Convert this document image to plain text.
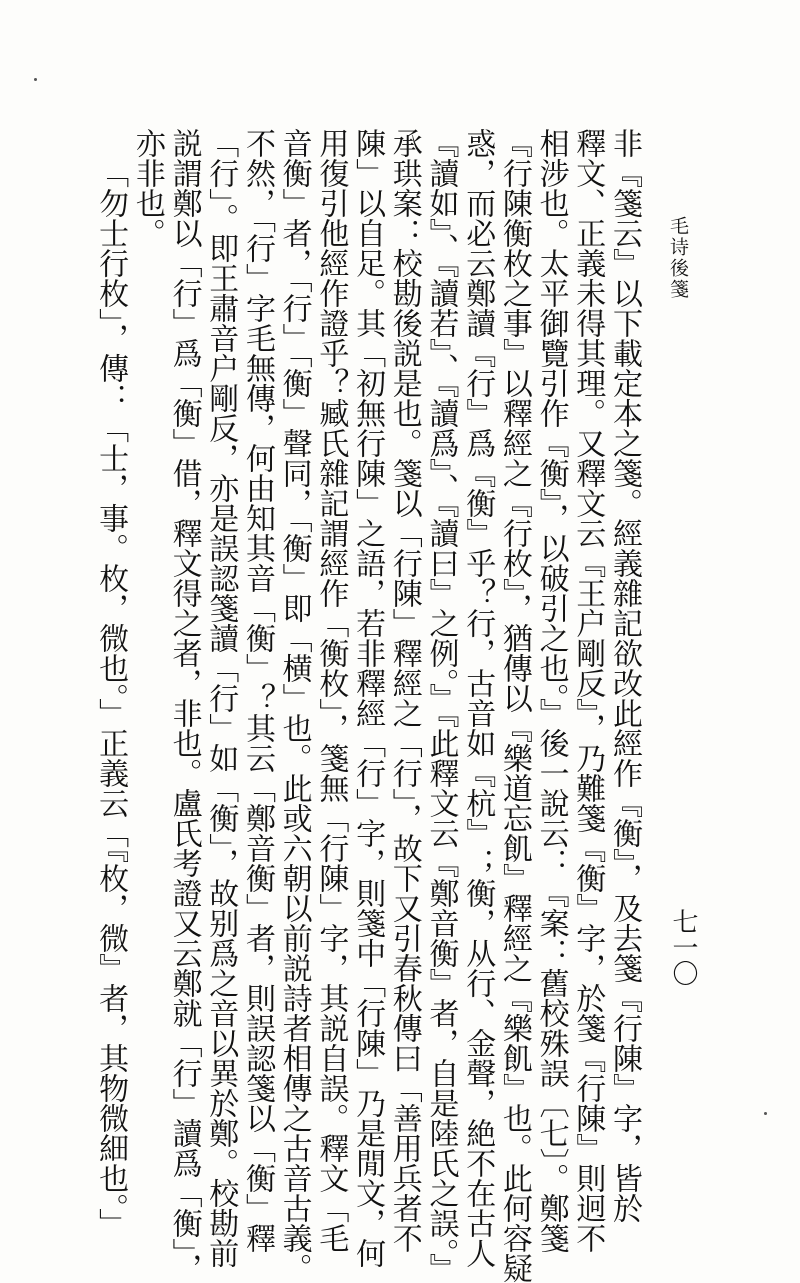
毛诗後箋
七一〇
非『箋云』以下載定本之箋。經義雜記欲改此經作『衡』，及去箋『行陳』字，皆於
釋文、正義未得其理。又釋文云『王户剛反』，乃難箋『衡』字，於箋『行陳』則迥不
相涉也。太平御覽引作『衡』，以破引之也。』後一說云：『案：舊校殊誤〔七〕。鄭箋
『行陳衡枚之事』以釋經之『行枚』，猶傳以『樂道忘飢』釋經之『樂飢』也。此何容疑
惑，而必云鄭讀『行』爲『衡』乎？行，古音如『杭』；衡，从行、金聲，絶不在古人
『讀如』、『讀若』、『讀爲』、『讀曰』之例。』『此釋文云『鄭音衡』者，自是陸氏之誤。』
承珙案：校勘後説是也。箋以「行陳」釋經之「行」，故下又引春秋傳曰「善用兵者不
陳」以自足。其「初無行陳」之語，若非釋經「行」字，則箋中「行陳」乃是閒文，何
用復引他經作證乎？臧氏雜記謂經作「衡枚」，箋無「行陳」字，其説自誤。釋文「毛
音衡」者，「行」「衡」聲同，「衡」即「横」也。此或六朝以前説詩者相傳之古音古義。
不然，「行」字毛無傳，何由知其音「衡」？其云「鄭音衡」者，則誤認箋以「衡」釋
「行」。即王肅音户剛反，亦是誤認箋讀「行」如「衡」，故别爲之音以異於鄭。校勘前
説謂鄭以「行」爲「衡」借，釋文得之者，非也。盧氏考證又云鄭就「行」讀爲「衡」，
亦非也。
「勿士行枚」，傳：「士，事。枚，微也。」正義云「『枚，微』者，其物微細也。」
